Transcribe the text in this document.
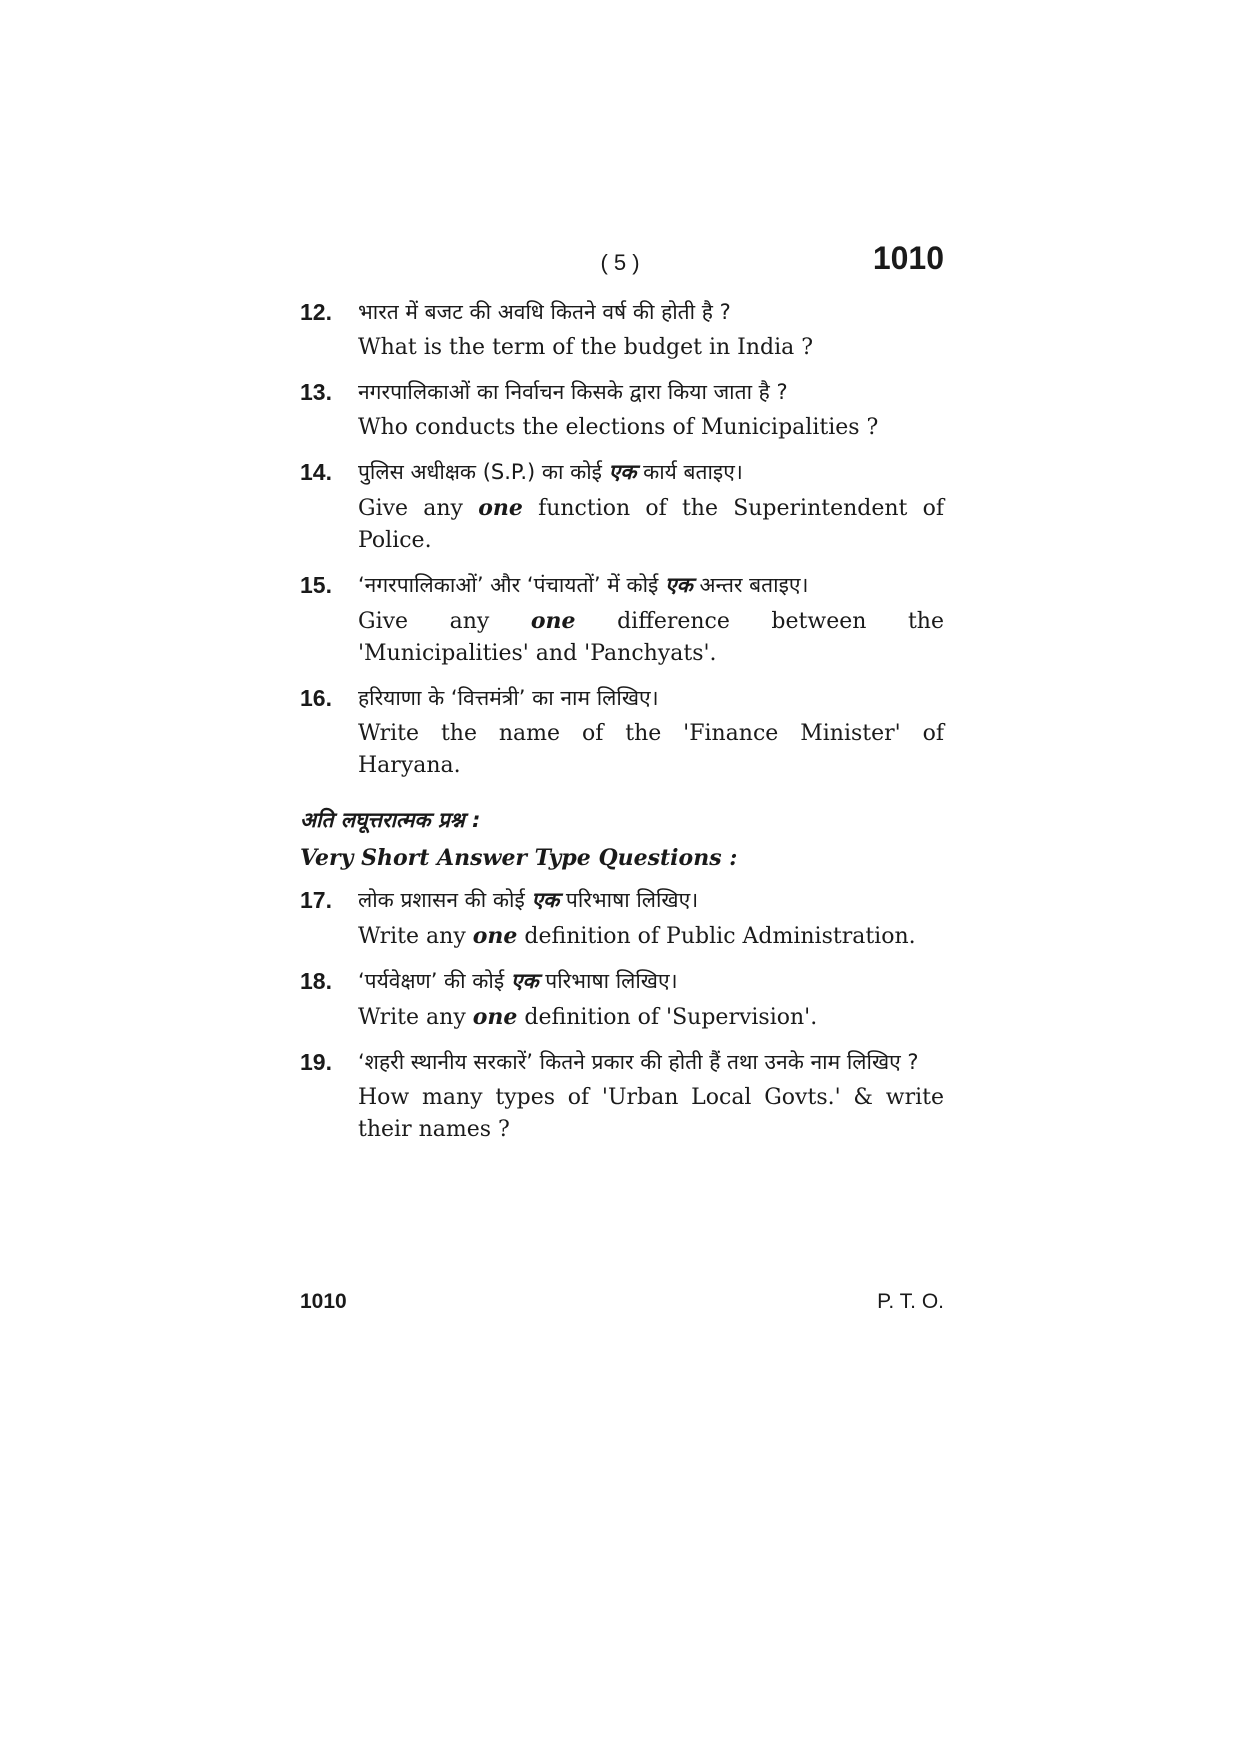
( 5 )	1010
12. भारत में बजट की अवधि कितने वर्ष की होती है ?
What is the term of the budget in India ?
13. नगरपालिकाओं का निर्वाचन किसके द्वारा किया जाता है ?
Who conducts the elections of Municipalities ?
14. पुलिस अधीक्षक (S.P.) का कोई एक कार्य बताइए।
Give any one function of the Superintendent of Police.
15. ‘नगरपालिकाओं’ और ‘पंचायतों’ में कोई एक अन्तर बताइए।
Give any one difference between the 'Municipalities' and 'Panchyats'.
16. हरियाणा के ‘वित्तमंत्री’ का नाम लिखिए।
Write the name of the 'Finance Minister' of Haryana.
अति लघूत्तरात्मक प्रश्न :
Very Short Answer Type Questions :
17. लोक प्रशासन की कोई एक परिभाषा लिखिए।
Write any one definition of Public Administration.
18. ‘पर्यवेक्षण’ की कोई एक परिभाषा लिखिए।
Write any one definition of 'Supervision'.
19. ‘शहरी स्थानीय सरकारें’ कितने प्रकार की होती हैं तथा उनके नाम लिखिए ?
How many types of 'Urban Local Govts.' & write their names ?
1010	P. T. O.
